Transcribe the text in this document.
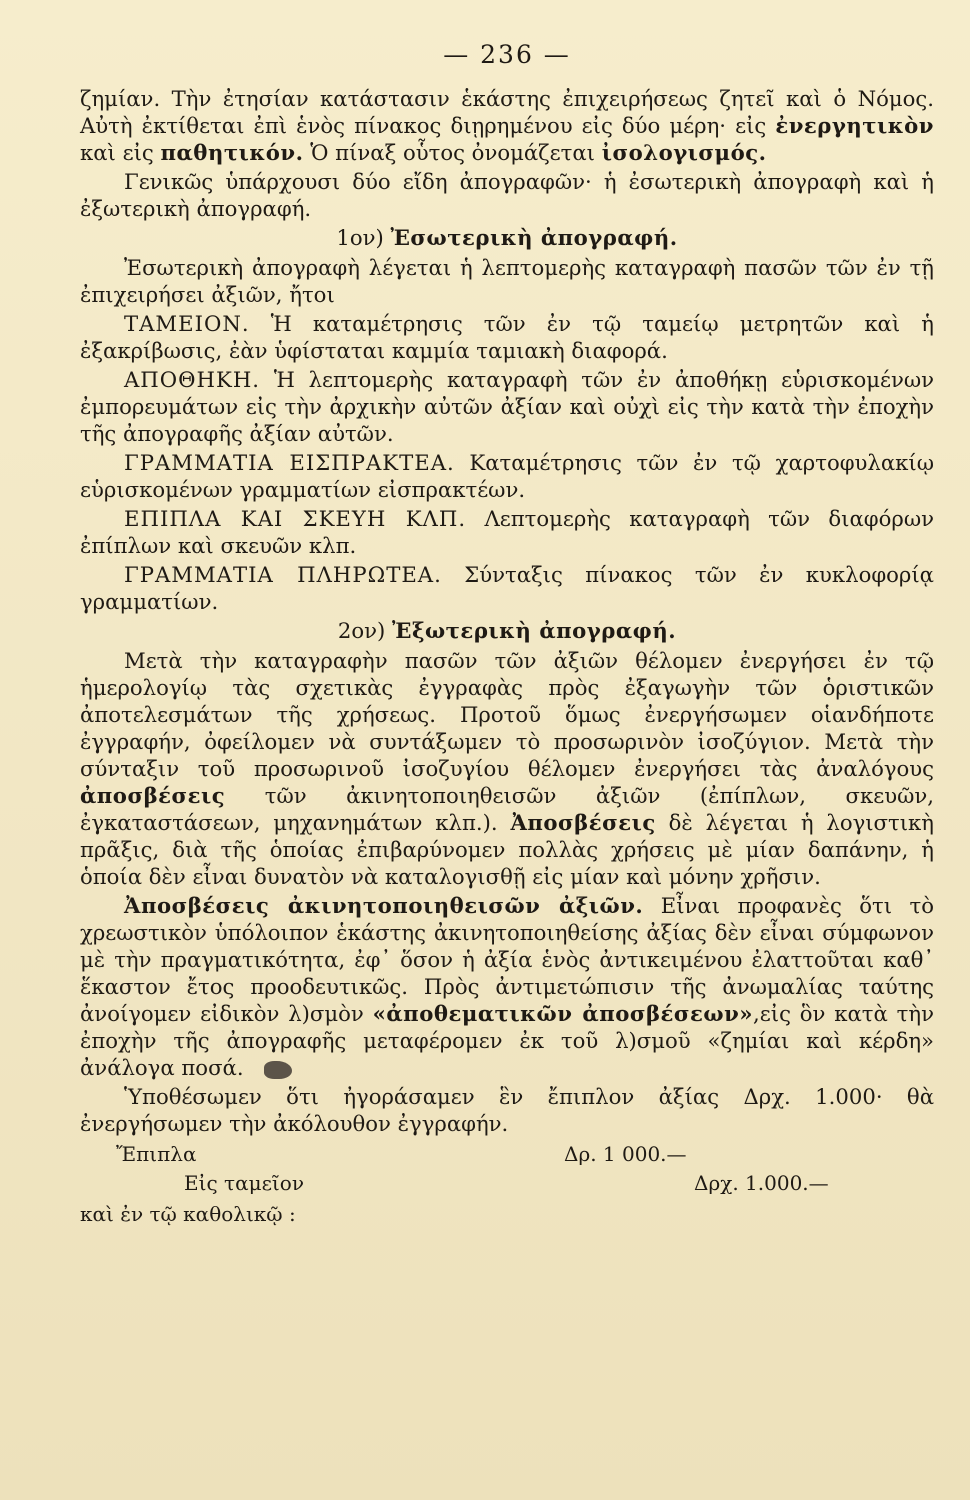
— 236 —

ζημίαν. Τὴν ἐτησίαν κατάστασιν ἑκάστης ἐπιχειρήσεως ζητεῖ καὶ ὁ Νόμος. Αὐτὴ ἐκτίθεται ἐπὶ ἑνὸς πίνακος διῃρημένου εἰς δύο μέρη· εἰς ἐνεργητικὸν καὶ εἰς παθητικόν. Ὁ πίναξ οὗτος ὀνομάζεται ἰσολογισμός.

Γενικῶς ὑπάρχουσι δύο εἴδη ἀπογραφῶν· ἡ ἐσωτερικὴ ἀπογραφὴ καὶ ἡ ἐξωτερικὴ ἀπογραφή.

1ον) Ἐσωτερικὴ ἀπογραφή.

Ἐσωτερικὴ ἀπογραφὴ λέγεται ἡ λεπτομερὴς καταγραφὴ πασῶν τῶν ἐν τῇ ἐπιχειρήσει ἀξιῶν, ἤτοι

ΤΑΜΕΙΟΝ. Ἡ καταμέτρησις τῶν ἐν τῷ ταμείῳ μετρητῶν καὶ ἡ ἐξακρίβωσις, ἐὰν ὑφίσταται καμμία ταμιακὴ διαφορά.

ΑΠΟΘΗΚΗ. Ἡ λεπτομερὴς καταγραφὴ τῶν ἐν ἀποθήκῃ εὑρισκομένων ἐμπορευμάτων εἰς τὴν ἀρχικὴν αὐτῶν ἀξίαν καὶ οὐχὶ εἰς τὴν κατὰ τὴν ἐποχὴν τῆς ἀπογραφῆς ἀξίαν αὐτῶν.

ΓΡΑΜΜΑΤΙΑ ΕΙΣΠΡΑΚΤΕΑ. Καταμέτρησις τῶν ἐν τῷ χαρτοφυλακίῳ εὑρισκομένων γραμματίων εἰσπρακτέων.

ΕΠΙΠΛΑ ΚΑΙ ΣΚΕΥΗ ΚΛΠ. Λεπτομερὴς καταγραφὴ τῶν διαφόρων ἐπίπλων καὶ σκευῶν κλπ.

ΓΡΑΜΜΑΤΙΑ ΠΛΗΡΩΤΕΑ. Σύνταξις πίνακος τῶν ἐν κυκλοφορίᾳ γραμματίων.

2ον) Ἐξωτερικὴ ἀπογραφή.

Μετὰ τὴν καταγραφὴν πασῶν τῶν ἀξιῶν θέλομεν ἐνεργήσει ἐν τῷ ἡμερολογίῳ τὰς σχετικὰς ἐγγραφὰς πρὸς ἐξαγωγὴν τῶν ὁριστικῶν ἀποτελεσμάτων τῆς χρήσεως. Προτοῦ ὅμως ἐνεργήσωμεν οἱανδήποτε ἐγγραφήν, ὀφείλομεν νὰ συντάξωμεν τὸ προσωρινὸν ἰσοζύγιον. Μετὰ τὴν σύνταξιν τοῦ προσωρινοῦ ἰσοζυγίου θέλομεν ἐνεργήσει τὰς ἀναλόγους ἀποσβέσεις τῶν ἀκινητοποιηθεισῶν ἀξιῶν (ἐπίπλων, σκευῶν, ἐγκαταστάσεων, μηχανημάτων κλπ.). Ἀποσβέσεις δὲ λέγεται ἡ λογιστικὴ πρᾶξις, διὰ τῆς ὁποίας ἐπιβαρύνομεν πολλὰς χρήσεις μὲ μίαν δαπάνην, ἡ ὁποία δὲν εἶναι δυνατὸν νὰ καταλογισθῇ εἰς μίαν καὶ μόνην χρῆσιν.

Ἀποσβέσεις ἀκινητοποιηθεισῶν ἀξιῶν. Εἶναι προφανὲς ὅτι τὸ χρεωστικὸν ὑπόλοιπον ἑκάστης ἀκινητοποιηθείσης ἀξίας δὲν εἶναι σύμφωνον μὲ τὴν πραγματικότητα, ἐφ᾽ ὅσον ἡ ἀξία ἑνὸς ἀντικειμένου ἐλαττοῦται καθ᾽ ἕκαστον ἔτος προοδευτικῶς. Πρὸς ἀντιμετώπισιν τῆς ἀνωμαλίας ταύτης ἀνοίγομεν εἰδικὸν λ)σμὸν «ἀποθεματικῶν ἀποσβέσεων»,εἰς ὃν κατὰ τὴν ἐποχὴν τῆς ἀπογραφῆς μεταφέρομεν ἐκ τοῦ λ)σμοῦ «ζημίαι καὶ κέρδη» ἀνάλογα ποσά.

Ὑποθέσωμεν ὅτι ἠγοράσαμεν ἓν ἔπιπλον ἀξίας Δρχ. 1.000· θὰ ἐνεργήσωμεν τὴν ἀκόλουθον ἐγγραφήν.

Ἔπιπλα	Δρ. 1 000.—
Εἰς ταμεῖον	Δρχ. 1.000.—
καὶ ἐν τῷ καθολικῷ :
